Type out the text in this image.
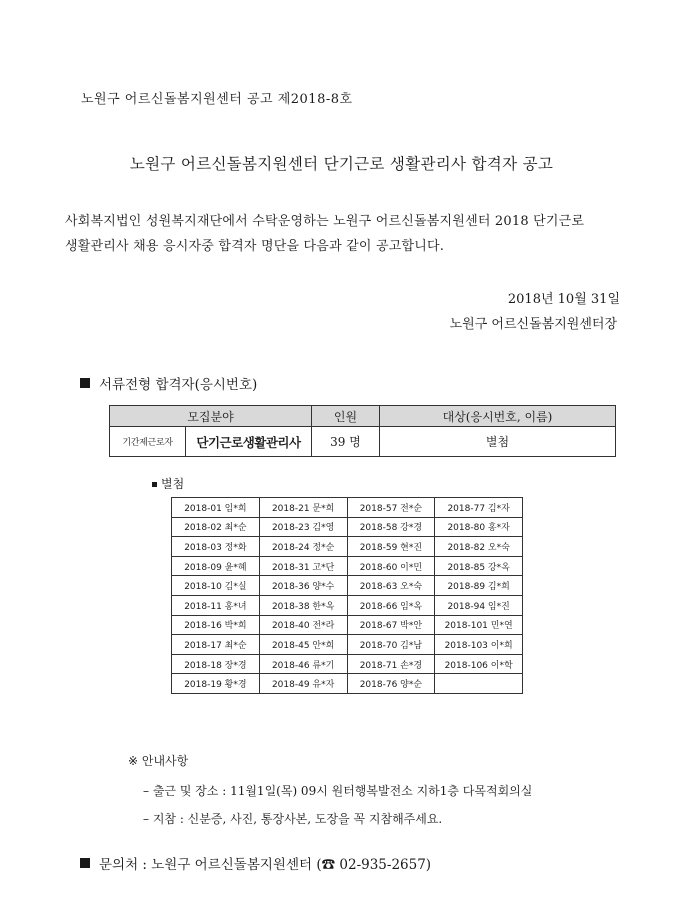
노원구 어르신돌봄지원센터 공고 제2018-8호
노원구 어르신돌봄지원센터 단기근로 생활관리사 합격자 공고
사회복지법인 성원복지재단에서 수탁운영하는 노원구 어르신돌봄지원센터 2018 단기근로
생활관리사 채용 응시자중 합격자 명단을 다음과 같이 공고합니다.
2018년 10월 31일
노원구 어르신돌봄지원센터장
서류전형 합격자(응시번호)
모집분야		인원	대상(응시번호, 이름)
기간제근로자	단기근로생활관리사	39 명	별첨
별첨
2018-01 임*희	2018-21 문*희	2018-57 전*순	2018-77 김*자
2018-02 최*순	2018-23 김*영	2018-58 강*경	2018-80 홍*자
2018-03 정*화	2018-24 정*순	2018-59 현*진	2018-82 오*숙
2018-09 윤*혜	2018-31 고*단	2018-60 이*민	2018-85 강*옥
2018-10 김*실	2018-36 양*수	2018-63 오*숙	2018-89 김*희
2018-11 홍*녀	2018-38 한*옥	2018-66 임*옥	2018-94 임*진
2018-16 박*희	2018-40 전*라	2018-67 박*안	2018-101 민*연
2018-17 최*순	2018-45 안*희	2018-70 김*남	2018-103 이*희
2018-18 장*경	2018-46 류*기	2018-71 손*경	2018-106 이*학
2018-19 황*경	2018-49 유*자	2018-76 양*순	
※ 안내사항
– 출근 및 장소 : 11월1일(목) 09시 원터행복발전소 지하1층 다목적회의실
– 지참 : 신분증, 사진, 통장사본, 도장을 꼭 지참해주세요.
문의처 : 노원구 어르신돌봄지원센터 (☎ 02-935-2657)
